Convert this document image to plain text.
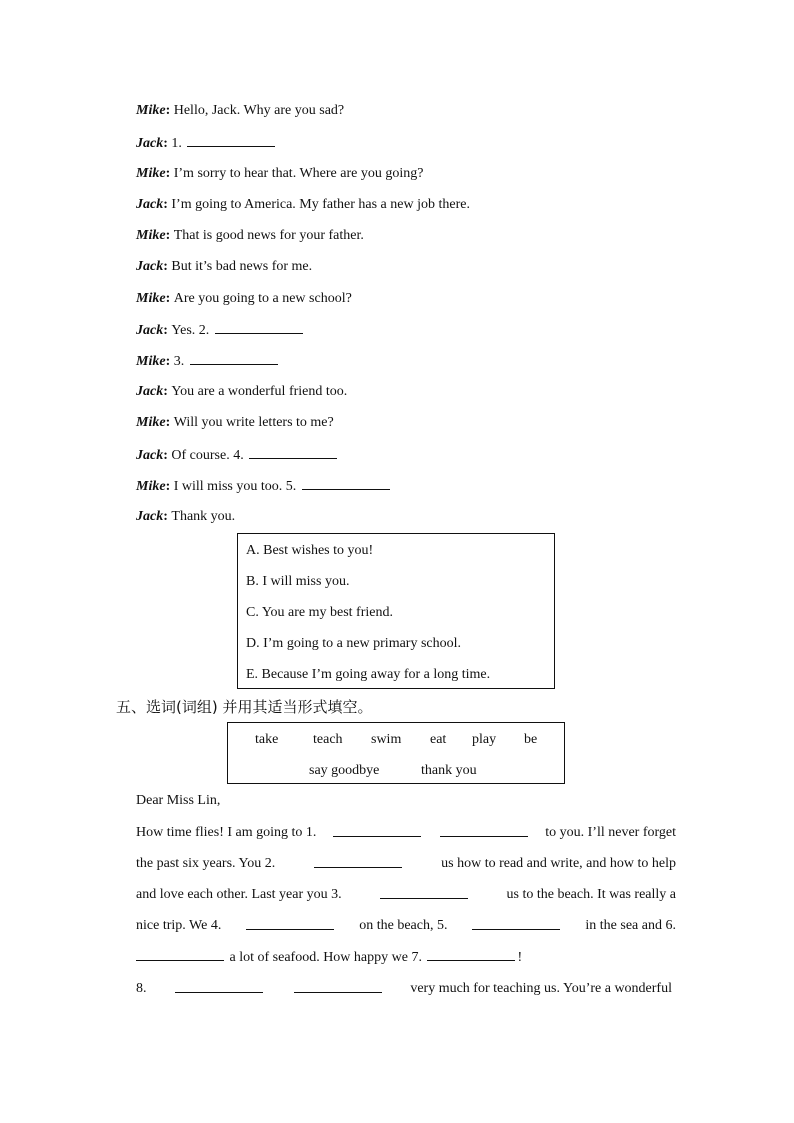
Mike: Hello, Jack. Why are you sad?
Jack: 1.
Mike: I’m sorry to hear that. Where are you going?
Jack: I’m going to America. My father has a new job there.
Mike: That is good news for your father.
Jack: But it’s bad news for me.
Mike: Are you going to a new school?
Jack: Yes. 2.
Mike: 3.
Jack: You are a wonderful friend too.
Mike: Will you write letters to me?
Jack: Of course. 4.
Mike: I will miss you too. 5.
Jack: Thank you.
A. Best wishes to you!
B. I will miss you.
C. You are my best friend.
D. I’m going to a new primary school.
E. Because I’m going away for a long time.
五、选词(词组) 并用其适当形式填空。
take teach swim eat play be
say goodbye	thank you
Dear Miss Lin,
How time flies! I am going to 1.	to you. I’ll never forget
the past six years. You 2.	us how to read and write, and how to help
and love each other. Last year you 3.	us to the beach. It was really a
nice trip. We 4.	on the beach, 5.	in the sea and 6.
a lot of seafood. How happy we 7.	!
8.	very much for teaching us. You’re a wonderful
